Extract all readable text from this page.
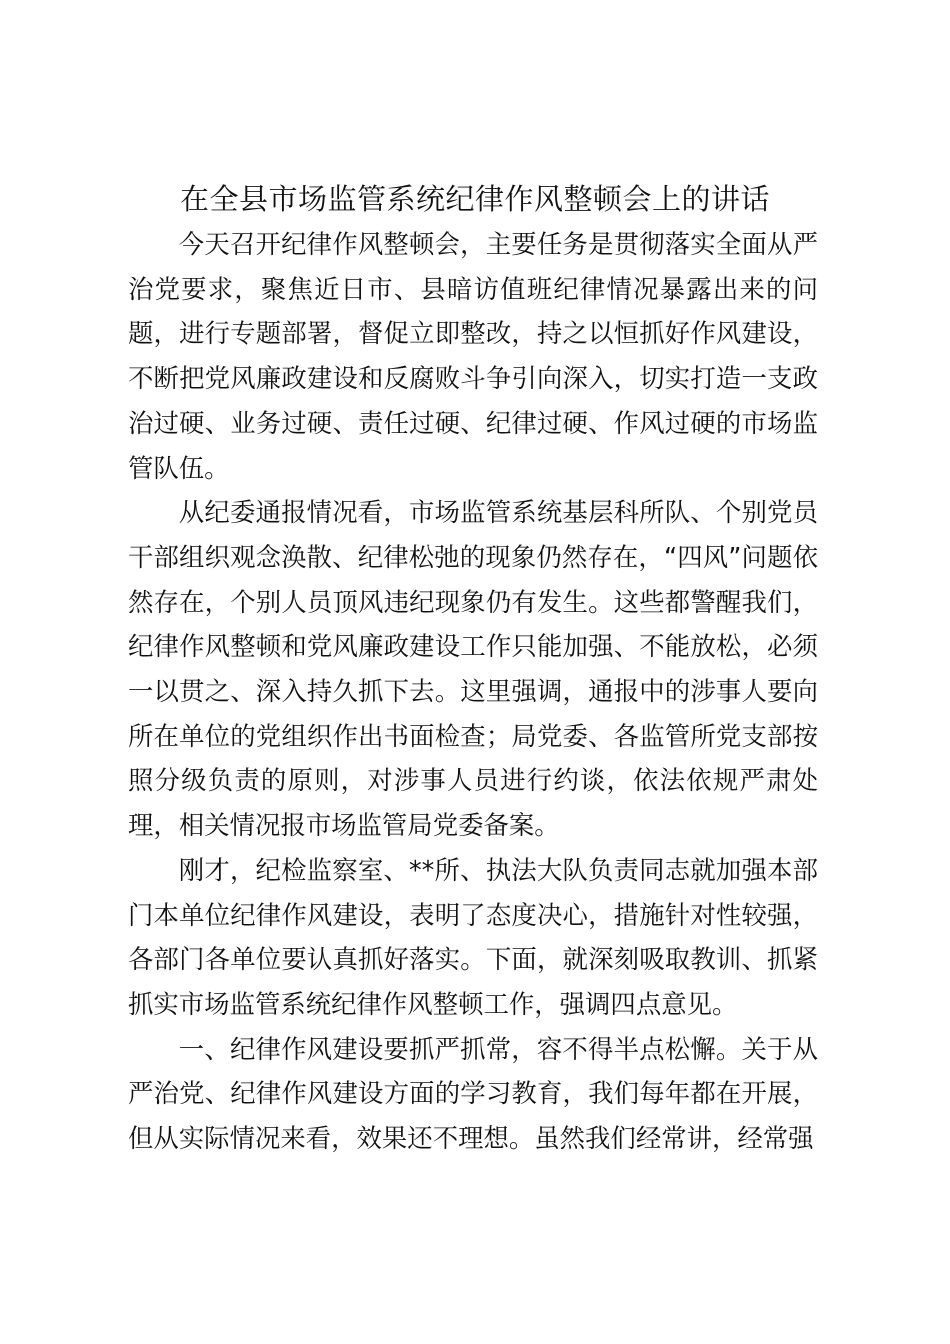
在全县市场监管系统纪律作风整顿会上的讲话

今天召开纪律作风整顿会，主要任务是贯彻落实全面从严治党要求，聚焦近日市、县暗访值班纪律情况暴露出来的问题，进行专题部署，督促立即整改，持之以恒抓好作风建设，不断把党风廉政建设和反腐败斗争引向深入，切实打造一支政治过硬、业务过硬、责任过硬、纪律过硬、作风过硬的市场监管队伍。

从纪委通报情况看，市场监管系统基层科所队、个别党员干部组织观念涣散、纪律松弛的现象仍然存在，“四风”问题依然存在，个别人员顶风违纪现象仍有发生。这些都警醒我们，纪律作风整顿和党风廉政建设工作只能加强、不能放松，必须一以贯之、深入持久抓下去。这里强调，通报中的涉事人要向所在单位的党组织作出书面检查；局党委、各监管所党支部按照分级负责的原则，对涉事人员进行约谈，依法依规严肃处理，相关情况报市场监管局党委备案。

刚才，纪检监察室、**所、执法大队负责同志就加强本部门本单位纪律作风建设，表明了态度决心，措施针对性较强，各部门各单位要认真抓好落实。下面，就深刻吸取教训、抓紧抓实市场监管系统纪律作风整顿工作，强调四点意见。

一、纪律作风建设要抓严抓常，容不得半点松懈。关于从严治党、纪律作风建设方面的学习教育，我们每年都在开展，但从实际情况来看，效果还不理想。虽然我们经常讲，经常强
